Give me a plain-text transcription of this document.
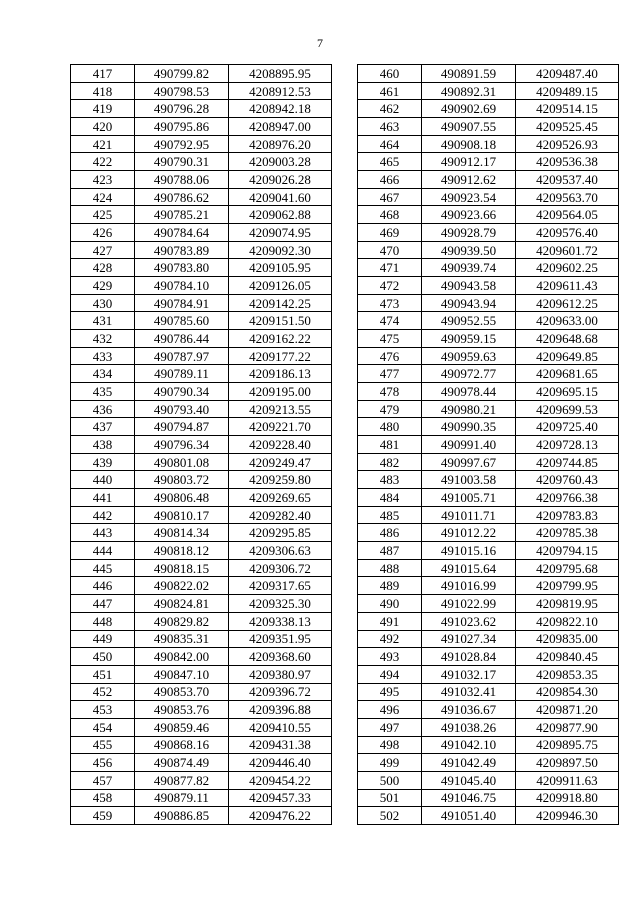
7
417	490799.82	4208895.95
418	490798.53	4208912.53
419	490796.28	4208942.18
420	490795.86	4208947.00
421	490792.95	4208976.20
422	490790.31	4209003.28
423	490788.06	4209026.28
424	490786.62	4209041.60
425	490785.21	4209062.88
426	490784.64	4209074.95
427	490783.89	4209092.30
428	490783.80	4209105.95
429	490784.10	4209126.05
430	490784.91	4209142.25
431	490785.60	4209151.50
432	490786.44	4209162.22
433	490787.97	4209177.22
434	490789.11	4209186.13
435	490790.34	4209195.00
436	490793.40	4209213.55
437	490794.87	4209221.70
438	490796.34	4209228.40
439	490801.08	4209249.47
440	490803.72	4209259.80
441	490806.48	4209269.65
442	490810.17	4209282.40
443	490814.34	4209295.85
444	490818.12	4209306.63
445	490818.15	4209306.72
446	490822.02	4209317.65
447	490824.81	4209325.30
448	490829.82	4209338.13
449	490835.31	4209351.95
450	490842.00	4209368.60
451	490847.10	4209380.97
452	490853.70	4209396.72
453	490853.76	4209396.88
454	490859.46	4209410.55
455	490868.16	4209431.38
456	490874.49	4209446.40
457	490877.82	4209454.22
458	490879.11	4209457.33
459	490886.85	4209476.22
460	490891.59	4209487.40
461	490892.31	4209489.15
462	490902.69	4209514.15
463	490907.55	4209525.45
464	490908.18	4209526.93
465	490912.17	4209536.38
466	490912.62	4209537.40
467	490923.54	4209563.70
468	490923.66	4209564.05
469	490928.79	4209576.40
470	490939.50	4209601.72
471	490939.74	4209602.25
472	490943.58	4209611.43
473	490943.94	4209612.25
474	490952.55	4209633.00
475	490959.15	4209648.68
476	490959.63	4209649.85
477	490972.77	4209681.65
478	490978.44	4209695.15
479	490980.21	4209699.53
480	490990.35	4209725.40
481	490991.40	4209728.13
482	490997.67	4209744.85
483	491003.58	4209760.43
484	491005.71	4209766.38
485	491011.71	4209783.83
486	491012.22	4209785.38
487	491015.16	4209794.15
488	491015.64	4209795.68
489	491016.99	4209799.95
490	491022.99	4209819.95
491	491023.62	4209822.10
492	491027.34	4209835.00
493	491028.84	4209840.45
494	491032.17	4209853.35
495	491032.41	4209854.30
496	491036.67	4209871.20
497	491038.26	4209877.90
498	491042.10	4209895.75
499	491042.49	4209897.50
500	491045.40	4209911.63
501	491046.75	4209918.80
502	491051.40	4209946.30
